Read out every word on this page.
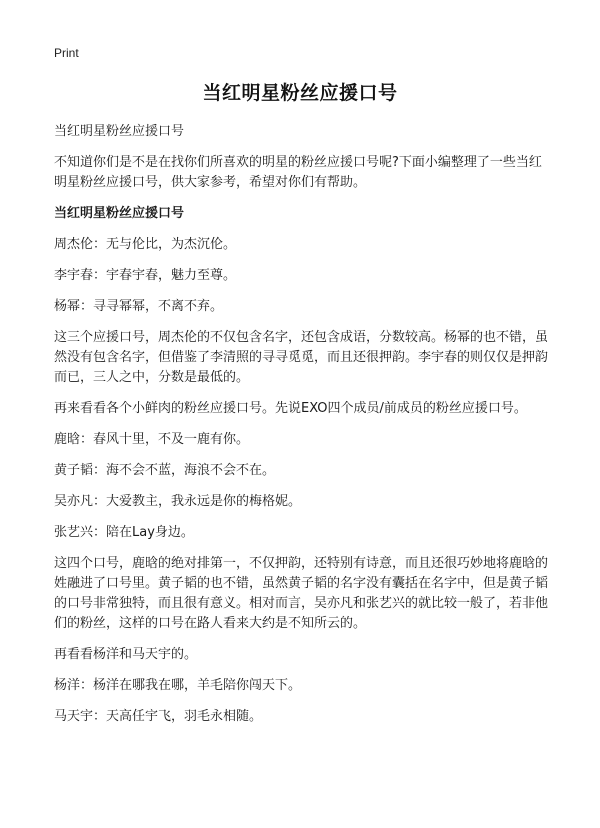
Print
当红明星粉丝应援口号

当红明星粉丝应援口号

不知道你们是不是在找你们所喜欢的明星的粉丝应援口号呢?下面小编整理了一些当红明星粉丝应援口号，供大家参考，希望对你们有帮助。

当红明星粉丝应援口号

周杰伦：无与伦比，为杰沉伦。

李宇春：宇春宇春，魅力至尊。

杨幂：寻寻幂幂，不离不弃。

这三个应援口号，周杰伦的不仅包含名字，还包含成语，分数较高。杨幂的也不错，虽然没有包含名字，但借鉴了李清照的寻寻觅觅，而且还很押韵。李宇春的则仅仅是押韵而已，三人之中，分数是最低的。

再来看看各个小鲜肉的粉丝应援口号。先说EXO四个成员/前成员的粉丝应援口号。

鹿晗：春风十里，不及一鹿有你。

黄子韬：海不会不蓝，海浪不会不在。

吴亦凡：大爱教主，我永远是你的梅格妮。

张艺兴：陪在Lay身边。

这四个口号，鹿晗的绝对排第一，不仅押韵，还特别有诗意，而且还很巧妙地将鹿晗的姓融进了口号里。黄子韬的也不错，虽然黄子韬的名字没有囊括在名字中，但是黄子韬的口号非常独特，而且很有意义。相对而言，吴亦凡和张艺兴的就比较一般了，若非他们的粉丝，这样的口号在路人看来大约是不知所云的。

再看看杨洋和马天宇的。

杨洋：杨洋在哪我在哪，羊毛陪你闯天下。

马天宇：天高任宇飞，羽毛永相随。
